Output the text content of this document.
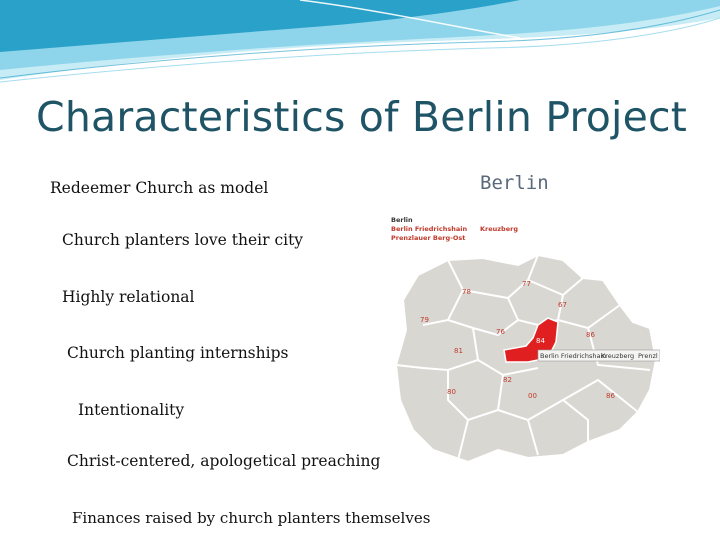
Characteristics of Berlin Project
Redeemer Church as model
Church planters love their city
Highly relational
Church planting internships
Intentionality
Christ-centered, apologetical preaching
Finances raised by church planters themselves
Berlin
Berlin
Berlin Friedrichshain Kreuzberg
Prenzlauer Berg-Ost
Berlin Friedrichshain
Kreuzberg Prenzl
77
78
79
67
76	86
84
81
82
80	00	86
